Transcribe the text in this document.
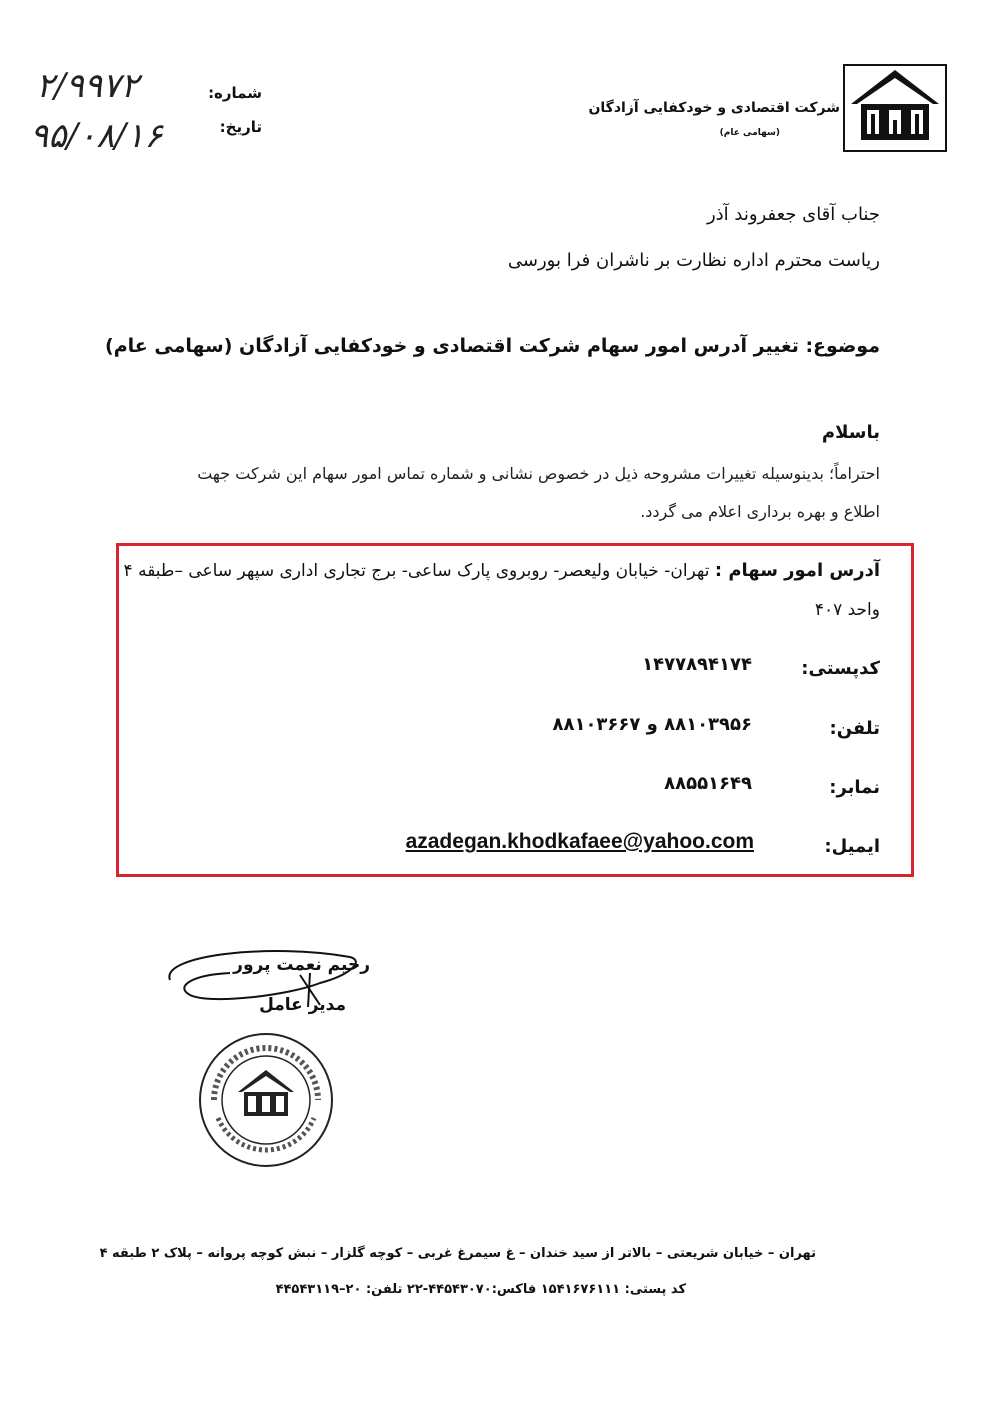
شرکت اقتصادی و خودکفایی آزادگان
(سهامی عام)
شماره:
تاریخ:
۲/۹۹۷۲
۹۵/۰۸/۱۶
جناب آقای جعفروند آذر
ریاست محترم اداره نظارت بر ناشران فرا بورسی
موضوع: تغییر آدرس امور سهام شرکت اقتصادی و خودکفایی آزادگان (سهامی عام)
باسلام
احتراماً؛ بدینوسیله تغییرات مشروحه ذیل در خصوص نشانی و شماره تماس امور سهام این شرکت جهت
اطلاع و بهره برداری اعلام می گردد.
آدرس امور سهام : تهران- خیابان ولیعصر- روبروی پارک ساعی- برج تجاری اداری سپهر ساعی –طبقه ۴
واحد ۴۰۷
کدپستی:
۱۴۷۷۸۹۴۱۷۴
تلفن:
۸۸۱۰۳۹۵۶ و ۸۸۱۰۳۶۶۷
نمابر:
۸۸۵۵۱۶۴۹
ایمیل:
azadegan.khodkafaee@yahoo.com
رحیم نعمت پرور
مدیر عامل
تهران – خیابان شریعتی – بالاتر از سید خندان – غ سیمرغ غربی – کوچه گلزار – نبش کوچه پروانه – پلاک ۲ طبقه ۴
کد پستی: ۱۵۴۱۶۷۶۱۱۱ فاکس:۴۴۵۴۳۰۷۰-۲۲ تلفن: ۲۰–۴۴۵۴۳۱۱۹
